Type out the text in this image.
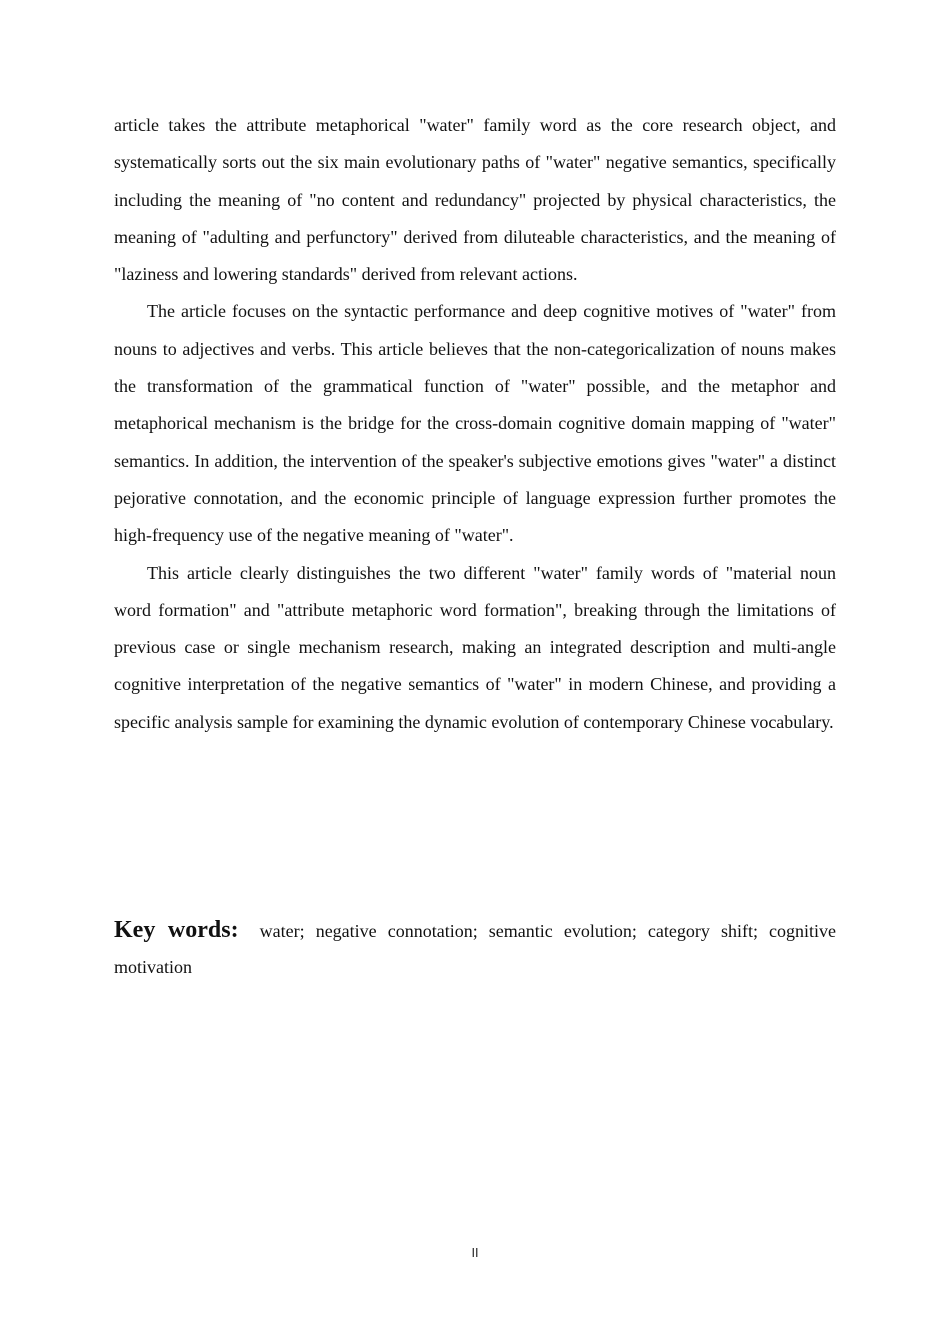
article takes the attribute metaphorical "water" family word as the core research object, and systematically sorts out the six main evolutionary paths of "water" negative semantics, specifically including the meaning of "no content and redundancy" projected by physical characteristics, the meaning of "adulting and perfunctory" derived from diluteable characteristics, and the meaning of "laziness and lowering standards" derived from relevant actions.

The article focuses on the syntactic performance and deep cognitive motives of "water" from nouns to adjectives and verbs. This article believes that the non-categoricalization of nouns makes the transformation of the grammatical function of "water" possible, and the metaphor and metaphorical mechanism is the bridge for the cross-domain cognitive domain mapping of "water" semantics. In addition, the intervention of the speaker's subjective emotions gives "water" a distinct pejorative connotation, and the economic principle of language expression further promotes the high-frequency use of the negative meaning of "water".

This article clearly distinguishes the two different "water" family words of "material noun word formation" and "attribute metaphoric word formation", breaking through the limitations of previous case or single mechanism research, making an integrated description and multi-angle cognitive interpretation of the negative semantics of "water" in modern Chinese, and providing a specific analysis sample for examining the dynamic evolution of contemporary Chinese vocabulary.

Key words: water; negative connotation; semantic evolution; category shift; cognitive motivation

II
